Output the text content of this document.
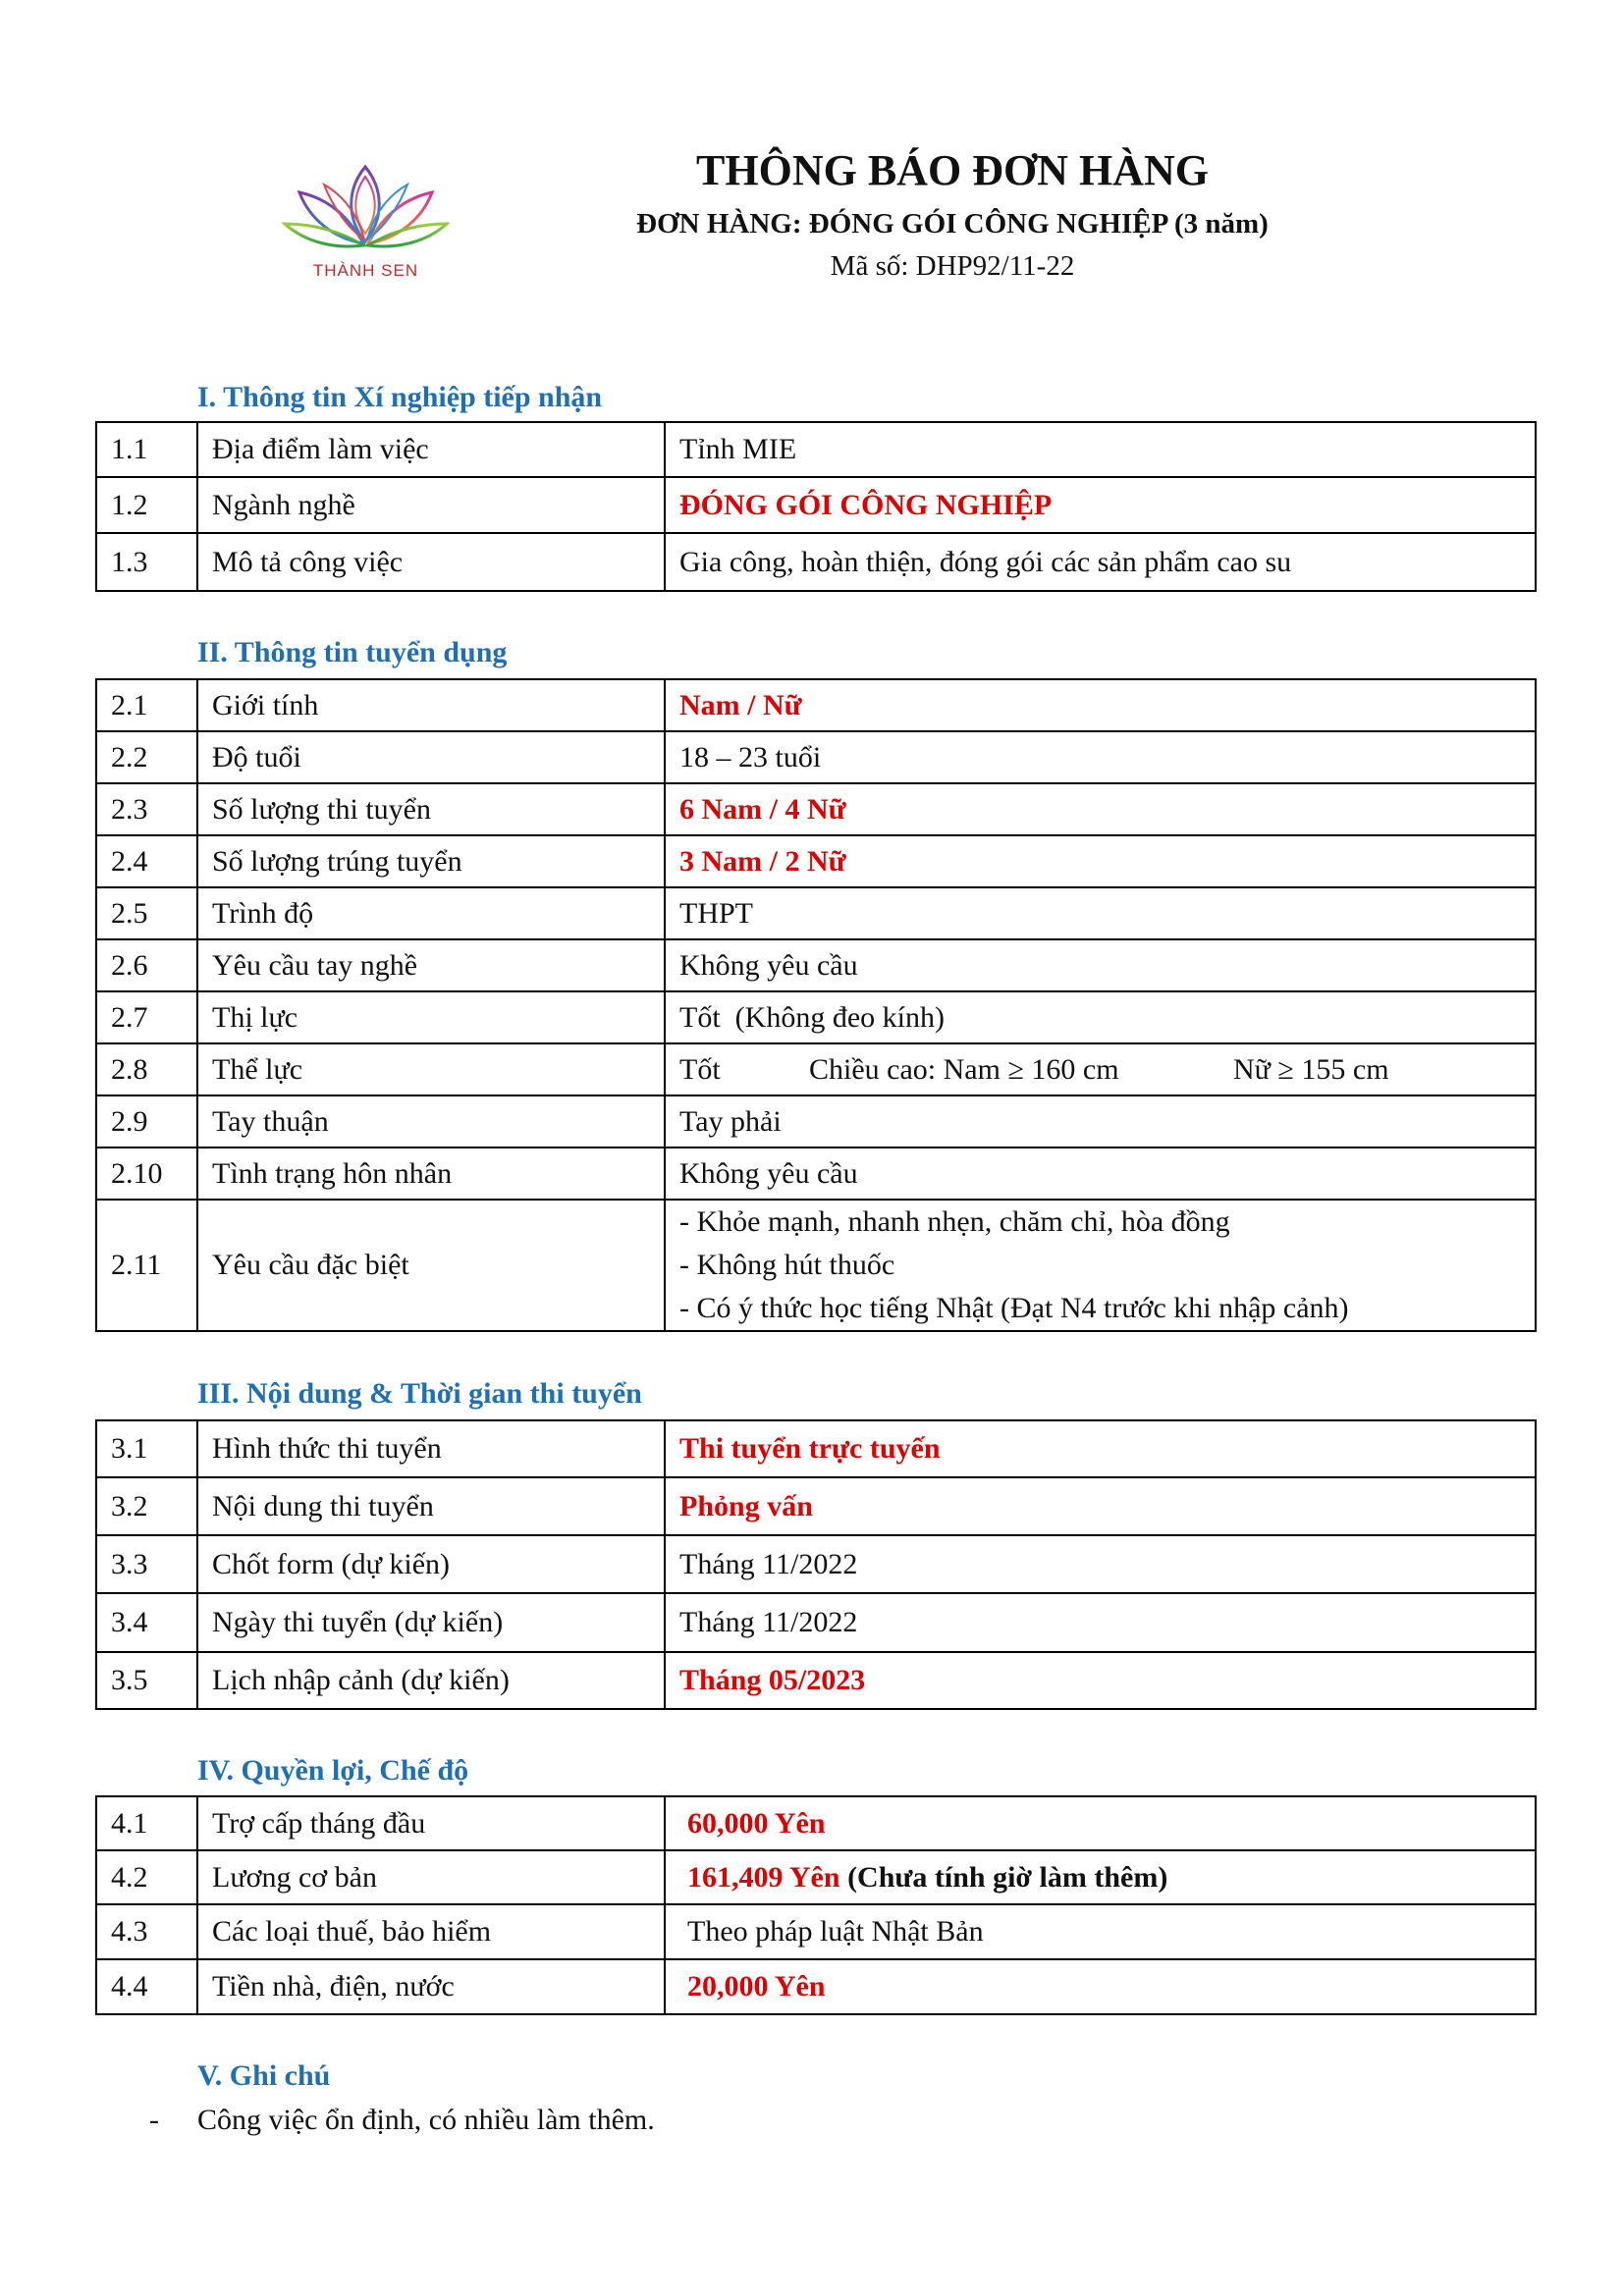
THÀNH SEN
THÔNG BÁO ĐƠN HÀNG
ĐƠN HÀNG: ĐÓNG GÓI CÔNG NGHIỆP (3 năm)
Mã số: DHP92/11-22
I. Thông tin Xí nghiệp tiếp nhận
1.1	Địa điểm làm việc	Tỉnh MIE
1.2	Ngành nghề	ĐÓNG GÓI CÔNG NGHIỆP
1.3	Mô tả công việc	Gia công, hoàn thiện, đóng gói các sản phẩm cao su
II. Thông tin tuyển dụng
2.1	Giới tính	Nam / Nữ
2.2	Độ tuổi	18 – 23 tuổi
2.3	Số lượng thi tuyển	6 Nam / 4 Nữ
2.4	Số lượng trúng tuyển	3 Nam / 2 Nữ
2.5	Trình độ	THPT
2.6	Yêu cầu tay nghề	Không yêu cầu
2.7	Thị lực	Tốt  (Không đeo kính)
2.8	Thể lực	Tốt Chiều cao: Nam ≥ 160 cm Nữ ≥ 155 cm
2.9	Tay thuận	Tay phải
2.10	Tình trạng hôn nhân	Không yêu cầu
2.11	Yêu cầu đặc biệt	- Khỏe mạnh, nhanh nhẹn, chăm chỉ, hòa đồng
- Không hút thuốc
- Có ý thức học tiếng Nhật (Đạt N4 trước khi nhập cảnh)
III. Nội dung & Thời gian thi tuyển
3.1	Hình thức thi tuyển	Thi tuyển trực tuyến
3.2	Nội dung thi tuyển	Phỏng vấn
3.3	Chốt form (dự kiến)	Tháng 11/2022
3.4	Ngày thi tuyển (dự kiến)	Tháng 11/2022
3.5	Lịch nhập cảnh (dự kiến)	Tháng 05/2023
IV. Quyền lợi, Chế độ
4.1	Trợ cấp tháng đầu	60,000 Yên
4.2	Lương cơ bản	161,409 Yên (Chưa tính giờ làm thêm)
4.3	Các loại thuế, bảo hiểm	Theo pháp luật Nhật Bản
4.4	Tiền nhà, điện, nước	20,000 Yên
V. Ghi chú
- Công việc ổn định, có nhiều làm thêm.
